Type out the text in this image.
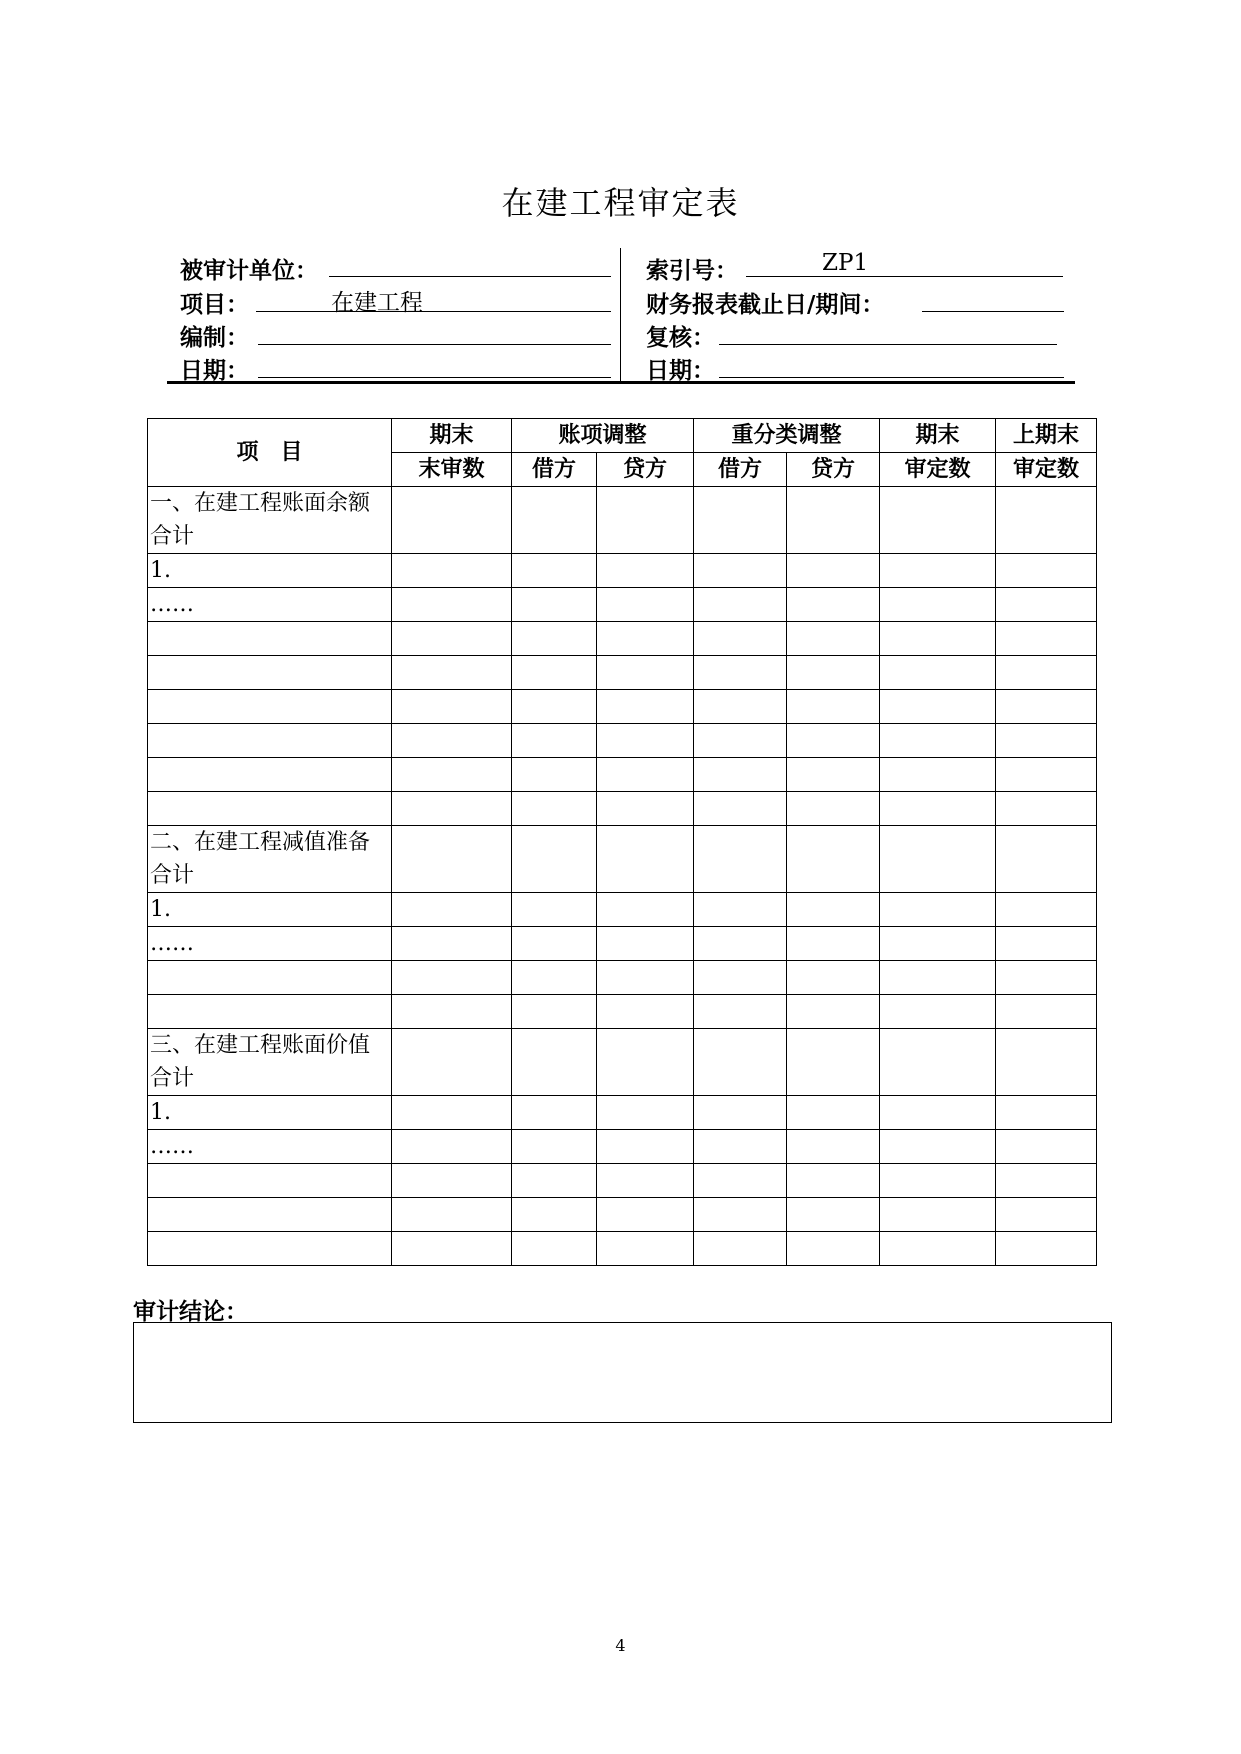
在建工程审定表
被审计单位：
项目：	在建工程
编制：
日期：
索引号：	ZP1
财务报表截止日/期间：
复核：
日期：
项　目	期末	账项调整		重分类调整		期末	上期末
	末审数	借方	贷方	借方	贷方	审定数	审定数
一、在建工程账面余额合计							
1.							
……							

二、在建工程减值准备合计							
1.							
……							

三、在建工程账面价值合计							
1.							
……							

审计结论：
4
